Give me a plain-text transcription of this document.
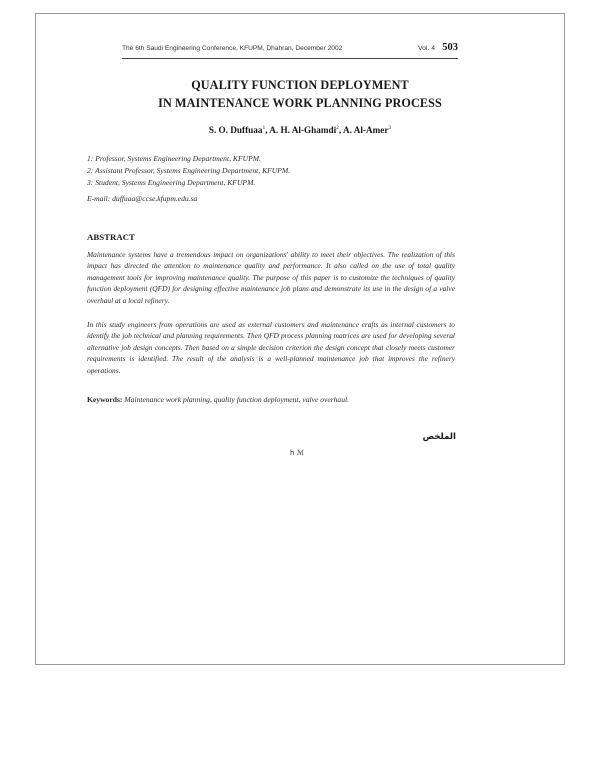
The 6th Saudi Engineering Conference, KFUPM, Dhahran, December 2002	Vol. 4 503
QUALITY FUNCTION DEPLOYMENT
IN MAINTENANCE WORK PLANNING PROCESS
S. O. Duffuaa$^1$, A. H. Al-Ghamdi$^2$, A. Al-Amer$^3$
1: Professor, Systems Engineering Department, KFUPM.
2: Assistant Professor, Systems Engineering Department, KFUPM.
3: Student, Systems Engineering Department, KFUPM.
E-mail: duffuaa@ccse.kfupm.edu.sa
ABSTRACT

Maintenance systems have a tremendous impact on organizations' ability to meet their objectives. The realization of this impact has directed the attention to maintenance quality and performance. It also called on the use of total quality management tools for improving maintenance quality. The purpose of this paper is to customize the techniques of quality function deployment (QFD) for designing effective maintenance job plans and demonstrate its use in the design of a valve overhaul at a local refinery.

In this study engineers from operations are used as external customers and maintenance crafts as internal customers to identify the job technical and planning requirements. Then QFD process planning matrices are used for developing several alternative job design concepts. Then based on a simple decision criterion the design concept that closely meets customer requirements is identified. The result of the analysis is a well-planned maintenance job that improves the refinery operations.

Keywords: Maintenance work planning, quality function deployment, valve overhaul.
الملخص
h ℳ
